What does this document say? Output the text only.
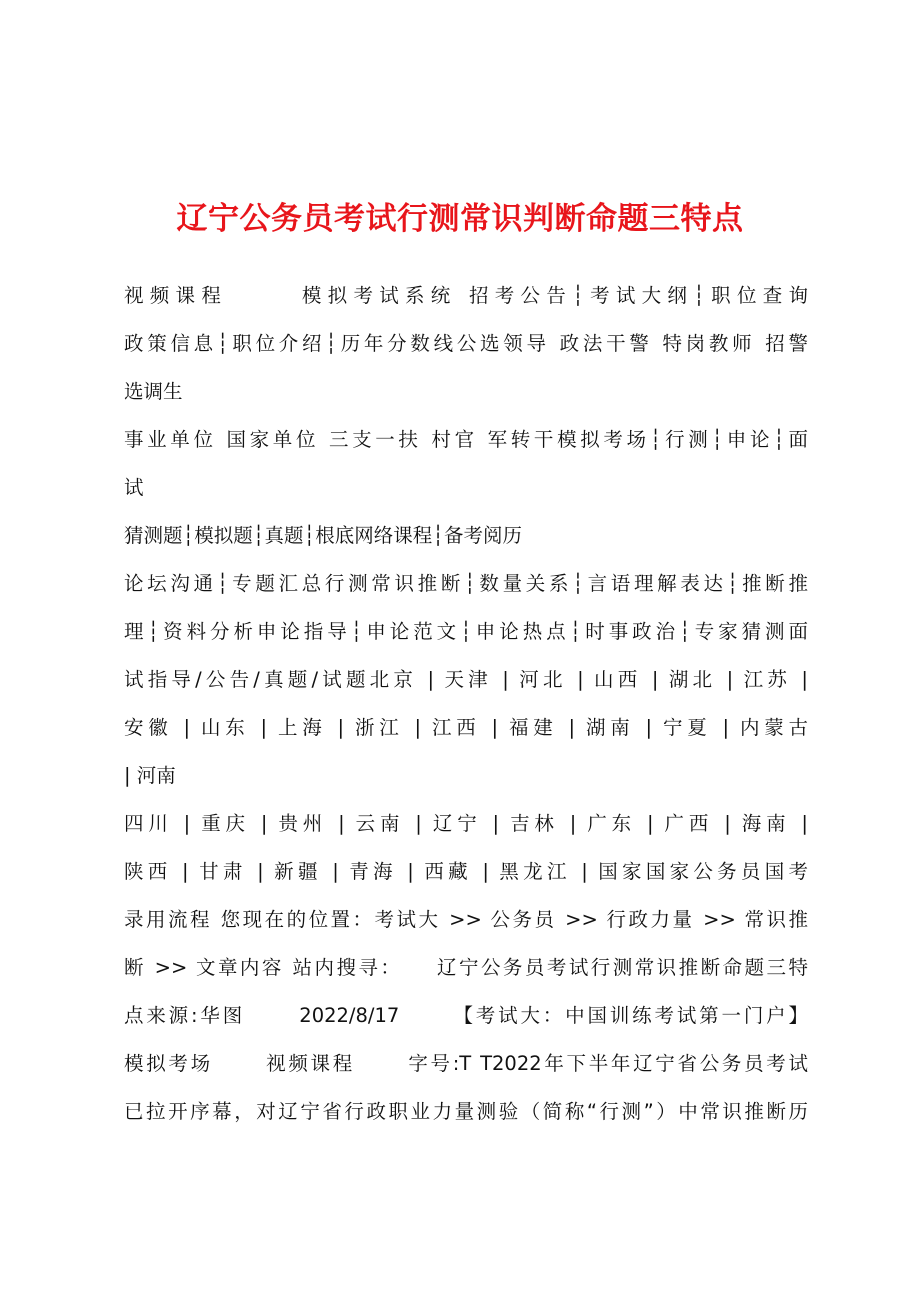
辽宁公务员考试行测常识判断命题三特点
视频课程      模拟考试系统 招考公告┆考试大纲┆职位查询
政策信息┆职位介绍┆历年分数线公选领导 政法干警 特岗教师 招警
选调生
事业单位 国家单位 三支一扶 村官 军转干模拟考场┆行测┆申论┆面
试
猜测题┆模拟题┆真题┆根底网络课程┆备考阅历
论坛沟通┆专题汇总行测常识推断┆数量关系┆言语理解表达┆推断推
理┆资料分析申论指导┆申论范文┆申论热点┆时事政治┆专家猜测面
试指导/公告/真题/试题北京 | 天津 | 河北 | 山西 | 湖北 | 江苏 |
安徽 | 山东 | 上海 | 浙江 | 江西 | 福建 | 湖南 | 宁夏 | 内蒙古
| 河南
四川 | 重庆 | 贵州 | 云南 | 辽宁 | 吉林 | 广东 | 广西 | 海南 |
陕西 | 甘肃 | 新疆 | 青海 | 西藏 | 黑龙江 | 国家国家公务员国考
录用流程 您现在的位置：考试大 >> 公务员 >> 行政力量 >> 常识推
断 >> 文章内容 站内搜寻：    辽宁公务员考试行测常识推断命题三特
点来源:华图      2022/8/17      【考试大：中国训练考试第一门户】
模拟考场      视频课程      字号:T T2022年下半年辽宁省公务员考试
已拉开序幕，对辽宁省行政职业力量测验（简称“行测”）中常识推断历
